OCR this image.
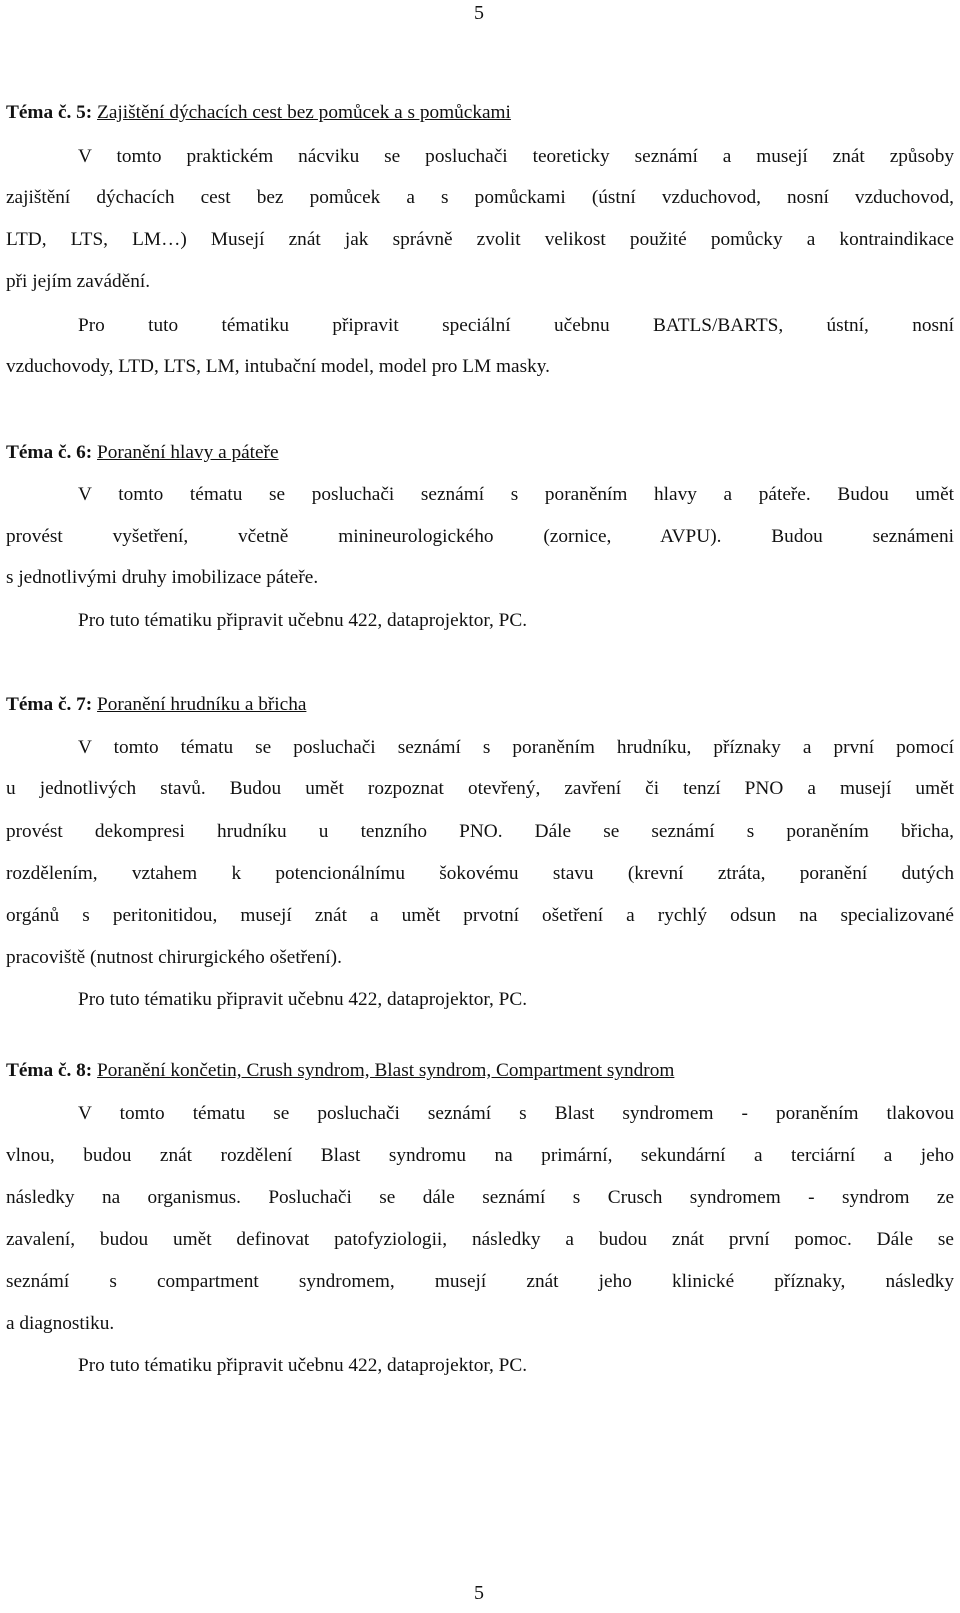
5
Téma č. 5: Zajištění dýchacích cest bez pomůcek a s pomůckami
V tomto praktickém nácviku se posluchači teoreticky seznámí a musejí znát způsoby
zajištění dýchacích cest bez pomůcek a s pomůckami (ústní vzduchovod, nosní vzduchovod,
LTD, LTS, LM…) Musejí znát jak správně zvolit velikost použité pomůcky a kontraindikace
při jejím zavádění.
Pro tuto tématiku připravit speciální učebnu BATLS/BARTS, ústní, nosní
vzduchovody, LTD, LTS, LM, intubační model, model pro LM masky.
Téma č. 6: Poranění hlavy a páteře
V tomto tématu se posluchači seznámí s poraněním hlavy a páteře. Budou umět
provést vyšetření, včetně minineurologického (zornice, AVPU). Budou seznámeni
s jednotlivými druhy imobilizace páteře.
Pro tuto tématiku připravit učebnu 422, dataprojektor, PC.
Téma č. 7: Poranění hrudníku a břicha
V tomto tématu se posluchači seznámí s poraněním hrudníku, příznaky a první pomocí
u jednotlivých stavů. Budou umět rozpoznat otevřený, zavření či tenzí PNO a musejí umět
provést dekompresi hrudníku u tenzního PNO. Dále se seznámí s poraněním břicha,
rozdělením, vztahem k potencionálnímu šokovému stavu (krevní ztráta, poranění dutých
orgánů s peritonitidou, musejí znát a umět prvotní ošetření a rychlý odsun na specializované
pracoviště (nutnost chirurgického ošetření).
Pro tuto tématiku připravit učebnu 422, dataprojektor, PC.
Téma č. 8: Poranění končetin, Crush syndrom, Blast syndrom, Compartment syndrom
V tomto tématu se posluchači seznámí s Blast syndromem - poraněním tlakovou
vlnou, budou znát rozdělení Blast syndromu na primární, sekundární a terciární a jeho
následky na organismus. Posluchači se dále seznámí s Crusch syndromem - syndrom ze
zavalení, budou umět definovat patofyziologii, následky a budou znát první pomoc. Dále se
seznámí s compartment syndromem, musejí znát jeho klinické příznaky, následky
a diagnostiku.
Pro tuto tématiku připravit učebnu 422, dataprojektor, PC.
5
